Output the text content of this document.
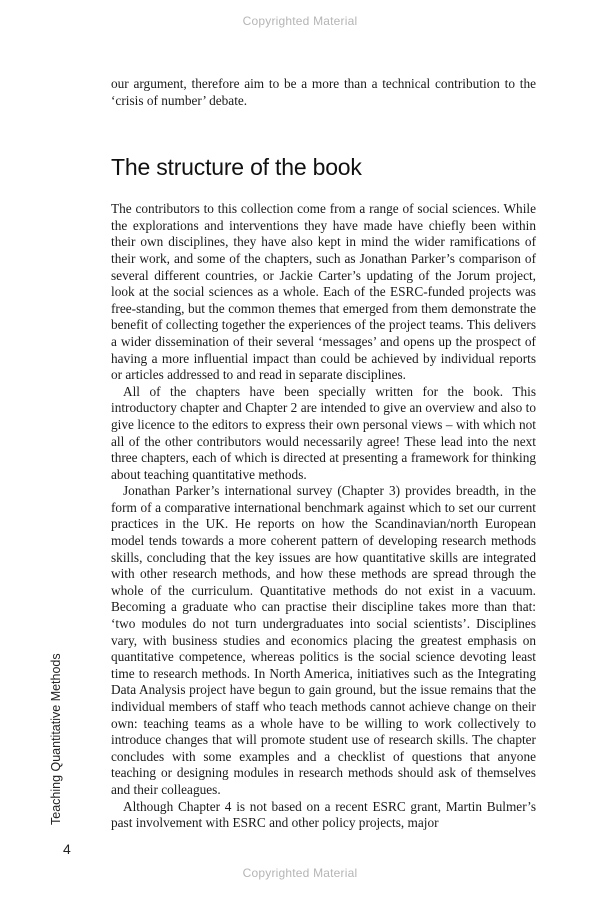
Copyrighted Material

our argument, therefore aim to be a more than a technical contribution to the ‘crisis of number’ debate.

The structure of the book

The contributors to this collection come from a range of social sciences. While the explorations and interventions they have made have chiefly been within their own disciplines, they have also kept in mind the wider ramifications of their work, and some of the chapters, such as Jonathan Parker’s comparison of several different countries, or Jackie Carter’s updating of the Jorum project, look at the social sciences as a whole. Each of the ESRC-funded projects was free-standing, but the common themes that emerged from them demonstrate the benefit of collecting together the experiences of the project teams. This delivers a wider dissemination of their several ‘messages’ and opens up the prospect of having a more influential impact than could be achieved by individual reports or articles addressed to and read in separate disciplines.

All of the chapters have been specially written for the book. This introductory chapter and Chapter 2 are intended to give an overview and also to give licence to the editors to express their own personal views – with which not all of the other contributors would necessarily agree! These lead into the next three chapters, each of which is directed at presenting a framework for thinking about teaching quantitative methods.

Jonathan Parker’s international survey (Chapter 3) provides breadth, in the form of a comparative international benchmark against which to set our current practices in the UK. He reports on how the Scandinavian/north European model tends towards a more coherent pattern of developing research methods skills, concluding that the key issues are how quantitative skills are integrated with other research methods, and how these methods are spread through the whole of the curriculum. Quantitative methods do not exist in a vacuum. Becoming a graduate who can practise their discipline takes more than that: ‘two modules do not turn undergraduates into social scientists’. Disciplines vary, with business studies and economics placing the greatest emphasis on quantitative competence, whereas politics is the social science devoting least time to research methods. In North America, initiatives such as the Integrating Data Analysis project have begun to gain ground, but the issue remains that the individual members of staff who teach methods cannot achieve change on their own: teaching teams as a whole have to be willing to work collectively to introduce changes that will promote student use of research skills. The chapter concludes with some examples and a checklist of questions that anyone teaching or designing modules in research methods should ask of themselves and their colleagues.

Although Chapter 4 is not based on a recent ESRC grant, Martin Bulmer’s past involvement with ESRC and other policy projects, major

Teaching Quantitative Methods
4
Copyrighted Material
